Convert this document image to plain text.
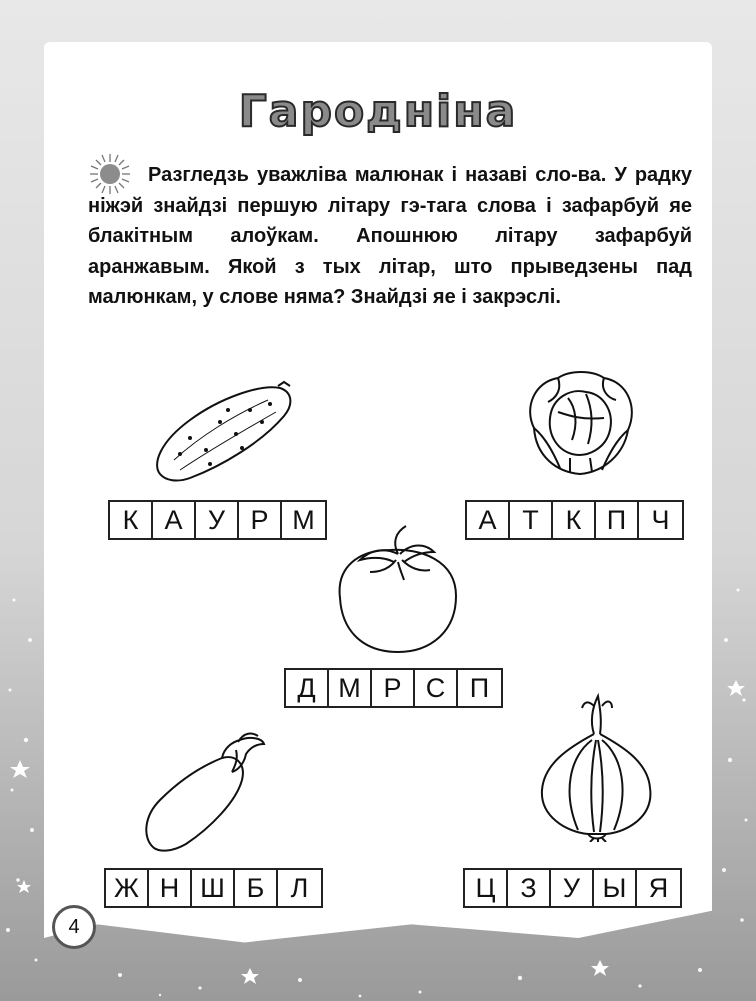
Гароднiна

Разгледзь уважлiва малюнак i назавi сло-ва. У радку нiжэй знайдзi першую лiтару гэ-тага слова i зафарбуй яе блакiтным алоўкам. Апошнюю лiтару зафарбуй аранжавым. Якой з тых лiтар, што прыведзены пад малюнкам, у слове няма? Знайдзi яе i закрэслi.

К А У Р М	А Т К П Ч
Д М Р С П
Ж Н Ш Б Л	Ц З У Ы Я
4
